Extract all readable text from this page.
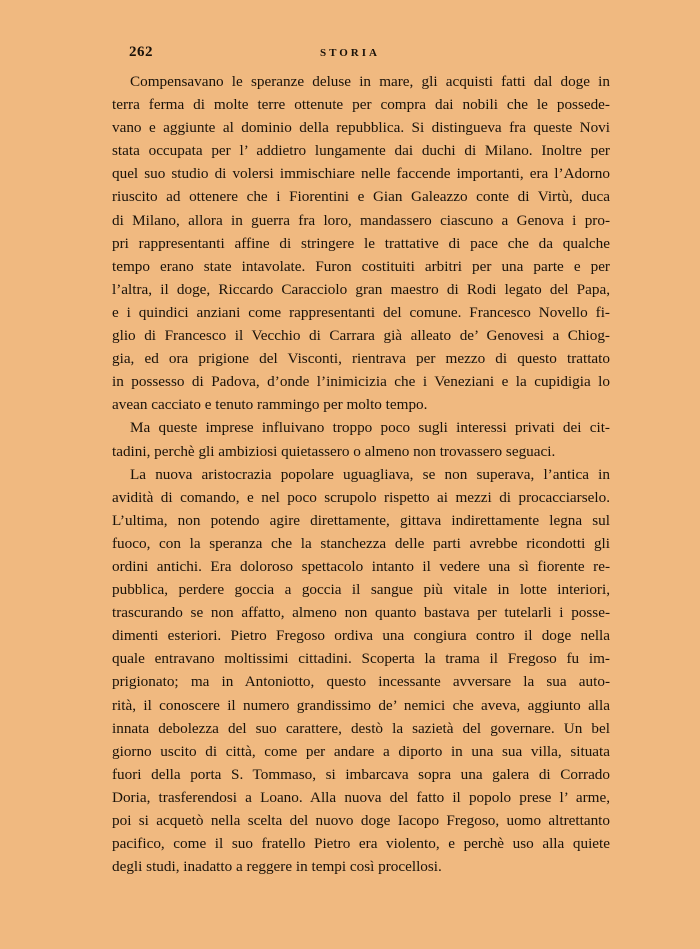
262	STORIA
Compensavano le speranze deluse in mare, gli acquisti fatti dal doge in
terra ferma di molte terre ottenute per compra dai nobili che le possede-
vano e aggiunte al dominio della repubblica. Si distingueva fra queste Novi
stata occupata per l’ addietro lungamente dai duchi di Milano. Inoltre per
quel suo studio di volersi immischiare nelle faccende importanti, era l’Adorno
riuscito ad ottenere che i Fiorentini e Gian Galeazzo conte di Virtù, duca
di Milano, allora in guerra fra loro, mandassero ciascuno a Genova i pro-
pri rappresentanti affine di stringere le trattative di pace che da qualche
tempo erano state intavolate. Furon costituiti arbitri per una parte e per
l’altra, il doge, Riccardo Caracciolo gran maestro di Rodi legato del Papa,
e i quindici anziani come rappresentanti del comune. Francesco Novello fi-
glio di Francesco il Vecchio di Carrara già alleato de’ Genovesi a Chiog-
gia, ed ora prigione del Visconti, rientrava per mezzo di questo trattato
in possesso di Padova, d’onde l’inimicizia che i Veneziani e la cupidigia lo
avean cacciato e tenuto rammingo per molto tempo.
Ma queste imprese influivano troppo poco sugli interessi privati dei cit-
tadini, perchè gli ambiziosi quietassero o almeno non trovassero seguaci.
La nuova aristocrazia popolare uguagliava, se non superava, l’antica in
avidità di comando, e nel poco scrupolo rispetto ai mezzi di procacciarselo.
L’ultima, non potendo agire direttamente, gittava indirettamente legna sul
fuoco, con la speranza che la stanchezza delle parti avrebbe ricondotti gli
ordini antichi. Era doloroso spettacolo intanto il vedere una sì fiorente re-
pubblica, perdere goccia a goccia il sangue più vitale in lotte interiori,
trascurando se non affatto, almeno non quanto bastava per tutelarli i posse-
dimenti esteriori. Pietro Fregoso ordiva una congiura contro il doge nella
quale entravano moltissimi cittadini. Scoperta la trama il Fregoso fu im-
prigionato; ma in Antoniotto, questo incessante avversare la sua auto-
rità, il conoscere il numero grandissimo de’ nemici che aveva, aggiunto alla
innata debolezza del suo carattere, destò la sazietà del governare. Un bel
giorno uscito di città, come per andare a diporto in una sua villa, situata
fuori della porta S. Tommaso, si imbarcava sopra una galera di Corrado
Doria, trasferendosi a Loano. Alla nuova del fatto il popolo prese l’ arme,
poi si acquetò nella scelta del nuovo doge Iacopo Fregoso, uomo altrettanto
pacifico, come il suo fratello Pietro era violento, e perchè uso alla quiete
degli studi, inadatto a reggere in tempi così procellosi.
